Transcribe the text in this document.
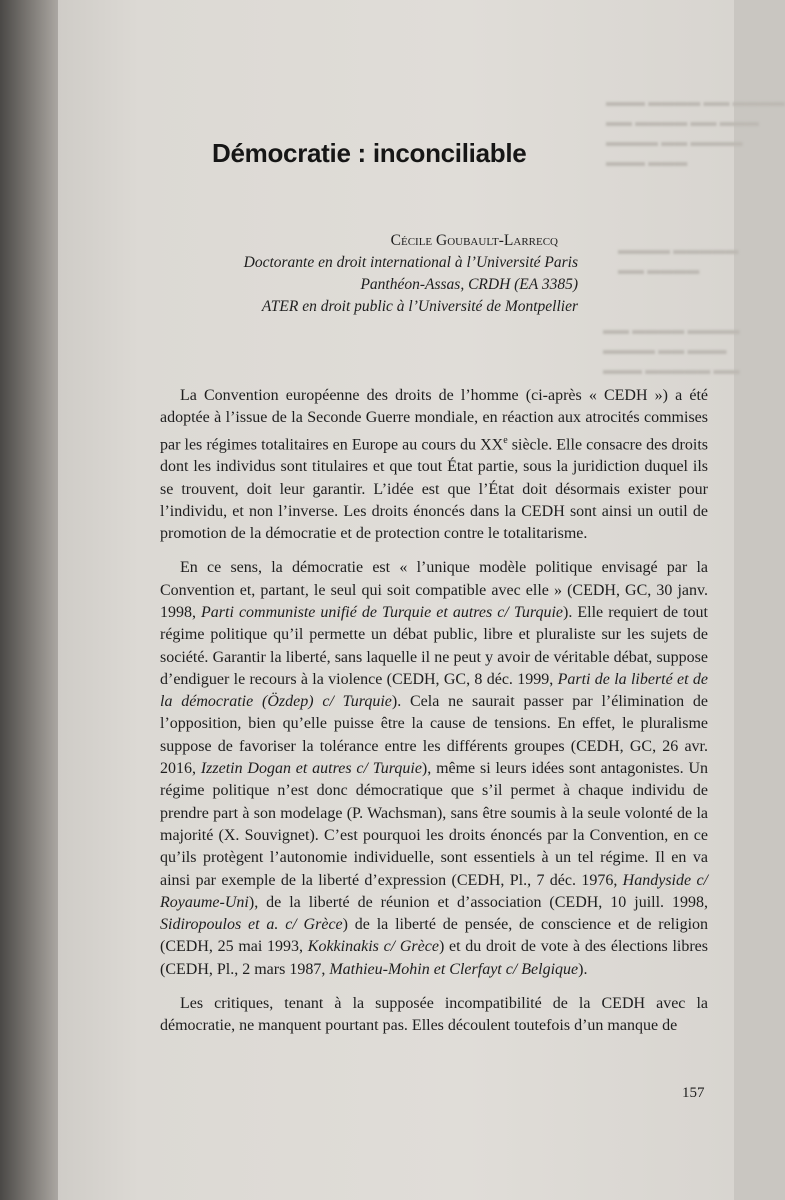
▬▬▬ ▬▬▬▬ ▬▬ ▬▬▬▬
▬▬ ▬▬▬▬ ▬▬ ▬▬▬
▬▬▬▬ ▬▬ ▬▬▬▬
▬▬▬ ▬▬▬
▬▬▬▬ ▬▬▬▬▬
▬▬ ▬▬▬▬
▬▬ ▬▬▬▬ ▬▬▬▬
▬▬▬▬ ▬▬ ▬▬▬
▬▬▬ ▬▬▬▬▬ ▬▬
Démocratie : inconciliable
Cécile Goubault-Larrecq
Doctorante en droit international à l’Université Paris
Panthéon-Assas, CRDH (EA 3385)
ATER en droit public à l’Université de Montpellier

La Convention européenne des droits de l’homme (ci-après « CEDH ») a été adoptée à l’issue de la Seconde Guerre mondiale, en réaction aux atrocités commises par les régimes totalitaires en Europe au cours du XXe siècle. Elle consacre des droits dont les individus sont titulaires et que tout État partie, sous la juridiction duquel ils se trouvent, doit leur garantir. L’idée est que l’État doit désormais exister pour l’individu, et non l’inverse. Les droits énoncés dans la CEDH sont ainsi un outil de promotion de la démocratie et de protection contre le totalitarisme.

En ce sens, la démocratie est « l’unique modèle politique envisagé par la Convention et, partant, le seul qui soit compatible avec elle » (CEDH, GC, 30 janv. 1998, Parti communiste unifié de Turquie et autres c/ Turquie). Elle requiert de tout régime politique qu’il permette un débat public, libre et pluraliste sur les sujets de société. Garantir la liberté, sans laquelle il ne peut y avoir de véritable débat, suppose d’endiguer le recours à la violence (CEDH, GC, 8 déc. 1999, Parti de la liberté et de la démocratie (Özdep) c/ Turquie). Cela ne saurait passer par l’élimination de l’opposition, bien qu’elle puisse être la cause de tensions. En effet, le pluralisme suppose de favoriser la tolérance entre les différents groupes (CEDH, GC, 26 avr. 2016, Izzetin Dogan et autres c/ Turquie), même si leurs idées sont antagonistes. Un régime politique n’est donc démocratique que s’il permet à chaque individu de prendre part à son modelage (P. Wachsman), sans être soumis à la seule volonté de la majorité (X. Souvignet). C’est pourquoi les droits énoncés par la Convention, en ce qu’ils protègent l’autonomie individuelle, sont essentiels à un tel régime. Il en va ainsi par exemple de la liberté d’expression (CEDH, Pl., 7 déc. 1976, Handyside c/ Royaume-Uni), de la liberté de réunion et d’association (CEDH, 10 juill. 1998, Sidiropoulos et a. c/ Grèce) de la liberté de pensée, de conscience et de religion (CEDH, 25 mai 1993, Kokkinakis c/ Grèce) et du droit de vote à des élections libres (CEDH, Pl., 2 mars 1987, Mathieu-Mohin et Clerfayt c/ Belgique).

Les critiques, tenant à la supposée incompatibilité de la CEDH avec la démocratie, ne manquent pourtant pas. Elles découlent toutefois d’un manque de

157
